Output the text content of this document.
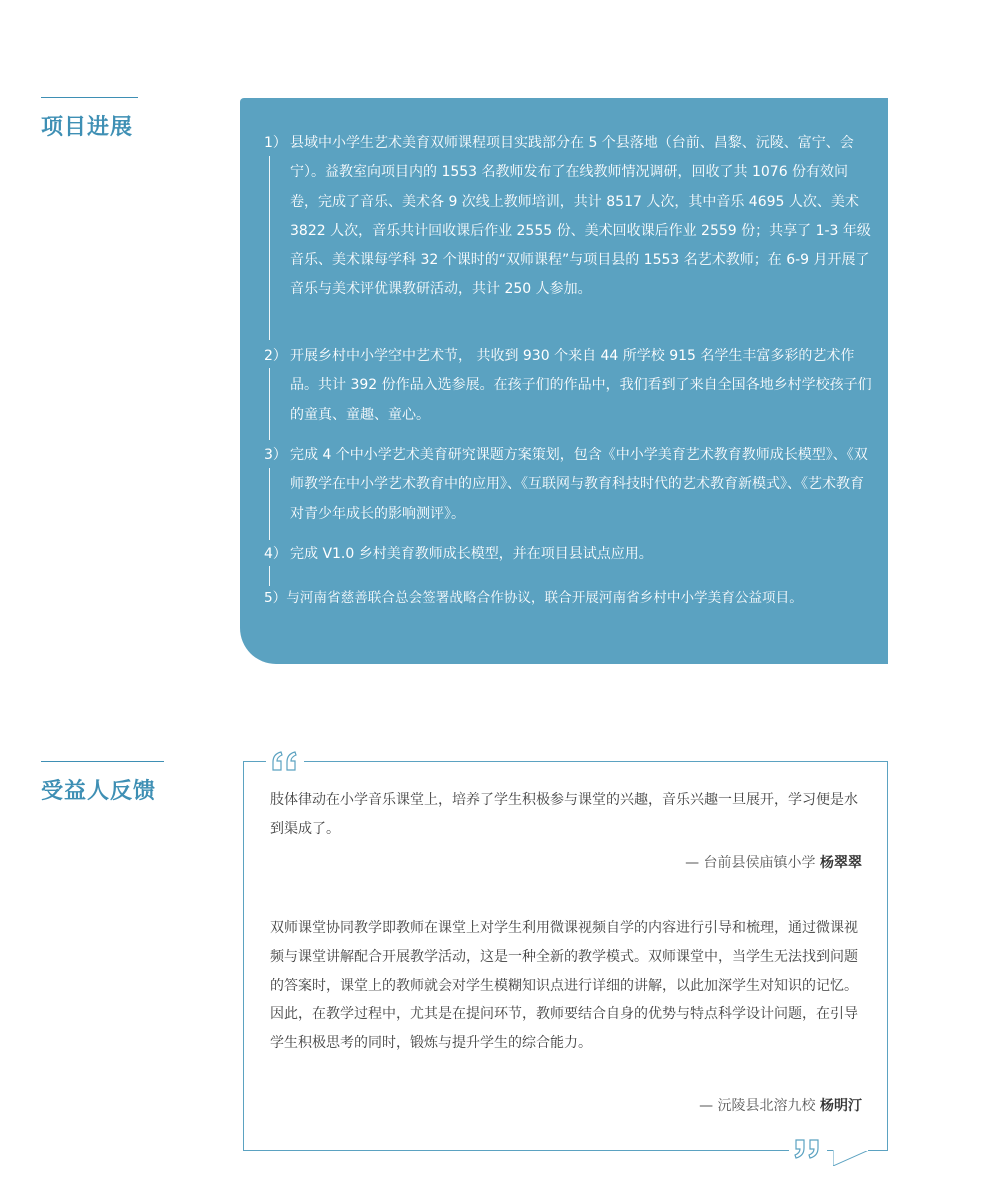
项目进展
1） 县域中小学生艺术美育双师课程项目实践部分在 5 个县落地（台前、昌黎、沅陵、富宁、会宁）。益教室向项目内的 1553 名教师发布了在线教师情况调研，回收了共 1076 份有效问卷，完成了音乐、美术各 9 次线上教师培训，共计 8517 人次，其中音乐 4695 人次、美术 3822 人次，音乐共计回收课后作业 2555 份、美术回收课后作业 2559 份；共享了 1-3 年级音乐、美术课每学科 32 个课时的“双师课程”与项目县的 1553 名艺术教师；在 6-9 月开展了音乐与美术评优课教研活动，共计 250 人参加。
2） 开展乡村中小学空中艺术节， 共收到 930 个来自 44 所学校 915 名学生丰富多彩的艺术作品。共计 392 份作品入选参展。在孩子们的作品中，我们看到了来自全国各地乡村学校孩子们的童真、童趣、童心。
3） 完成 4 个中小学艺术美育研究课题方案策划，包含《中小学美育艺术教育教师成长模型》、《双师教学在中小学艺术教育中的应用》、《互联网与教育科技时代的艺术教育新模式》、《艺术教育对青少年成长的影响测评》。
4） 完成 V1.0 乡村美育教师成长模型，并在项目县试点应用。
5）与河南省慈善联合总会签署战略合作协议，联合开展河南省乡村中小学美育公益项目。
受益人反馈	肢体律动在小学音乐课堂上，培养了学生积极参与课堂的兴趣，音乐兴趣一旦展开，学习便是水到渠成了。
— 台前县侯庙镇小学 杨翠翠
双师课堂协同教学即教师在课堂上对学生利用微课视频自学的内容进行引导和梳理，通过微课视频与课堂讲解配合开展教学活动，这是一种全新的教学模式。双师课堂中，当学生无法找到问题的答案时，课堂上的教师就会对学生模糊知识点进行详细的讲解，以此加深学生对知识的记忆。因此，在教学过程中，尤其是在提问环节，教师要结合自身的优势与特点科学设计问题，在引导学生积极思考的同时，锻炼与提升学生的综合能力。
— 沅陵县北溶九校 杨明汀
